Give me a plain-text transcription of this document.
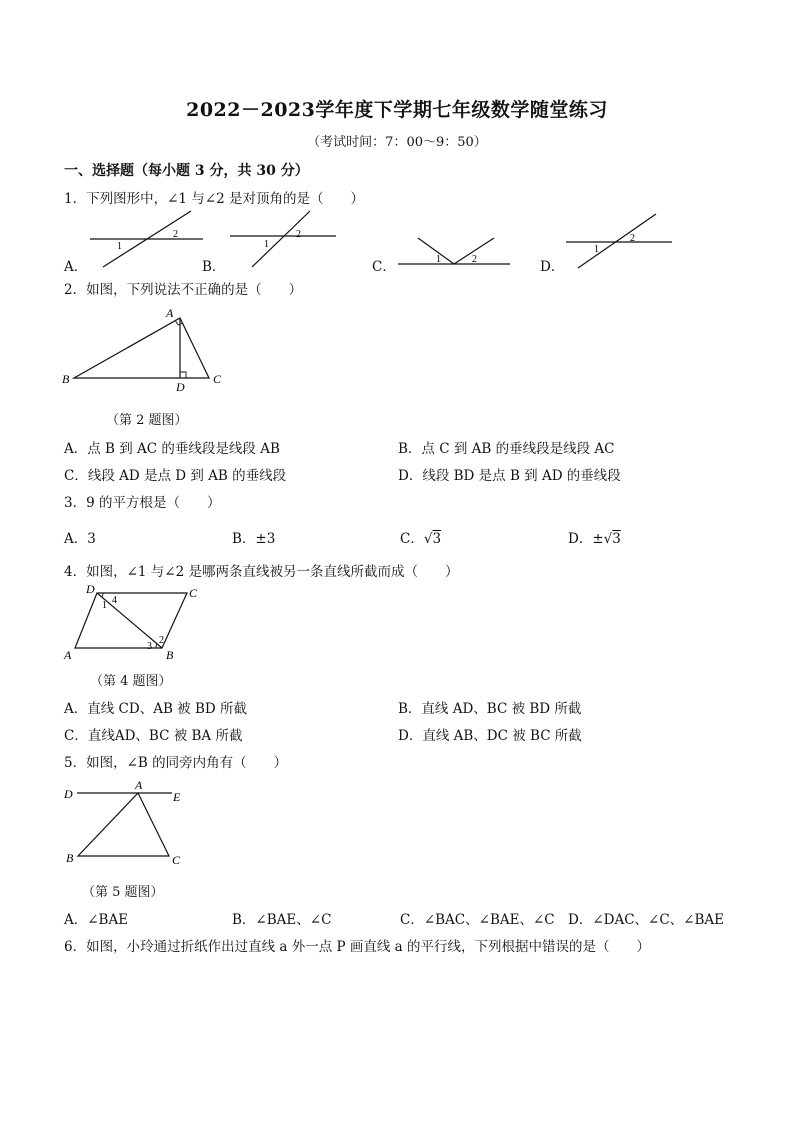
2022－2023学年度下学期七年级数学随堂练习
（考试时间：7：00～9：50）
一、选择题（每小题 3 分，共 30 分）
1．下列图形中，∠1 与∠2 是对顶角的是（　　）
A．
1
2
B．
1
2
C．	1	2	D．
1
2
2．如图，下列说法不正确的是（　　）
A
B	C
D
（第 2 题图）
A．点 B 到 AC 的垂线段是线段 AB	B．点 C 到 AB 的垂线段是线段 AC
C．线段 AD 是点 D 到 AB 的垂线段	D．线段 BD 是点 B 到 AD 的垂线段
3．9 的平方根是（　　）
A．3	B．±3	C．√3	D．±√3
4．如图，∠1 与∠2 是哪两条直线被另一条直线所截而成（　　）
D	C
A	B
4
1
2
3
（第 4 题图）
A．直线 CD、AB 被 BD 所截	B．直线 AD、BC 被 BD 所截
C．直线AD、BC 被 BA 所截	D．直线 AB、DC 被 BC 所截
5．如图，∠B 的同旁内角有（　　）
D
A
E
B	C
（第 5 题图）
A．∠BAE	B．∠BAE、∠C	C．∠BAC、∠BAE、∠C D．∠DAC、∠C、∠BAE
6．如图，小玲通过折纸作出过直线 a 外一点 P 画直线 a 的平行线，下列根据中错误的是（　　）
